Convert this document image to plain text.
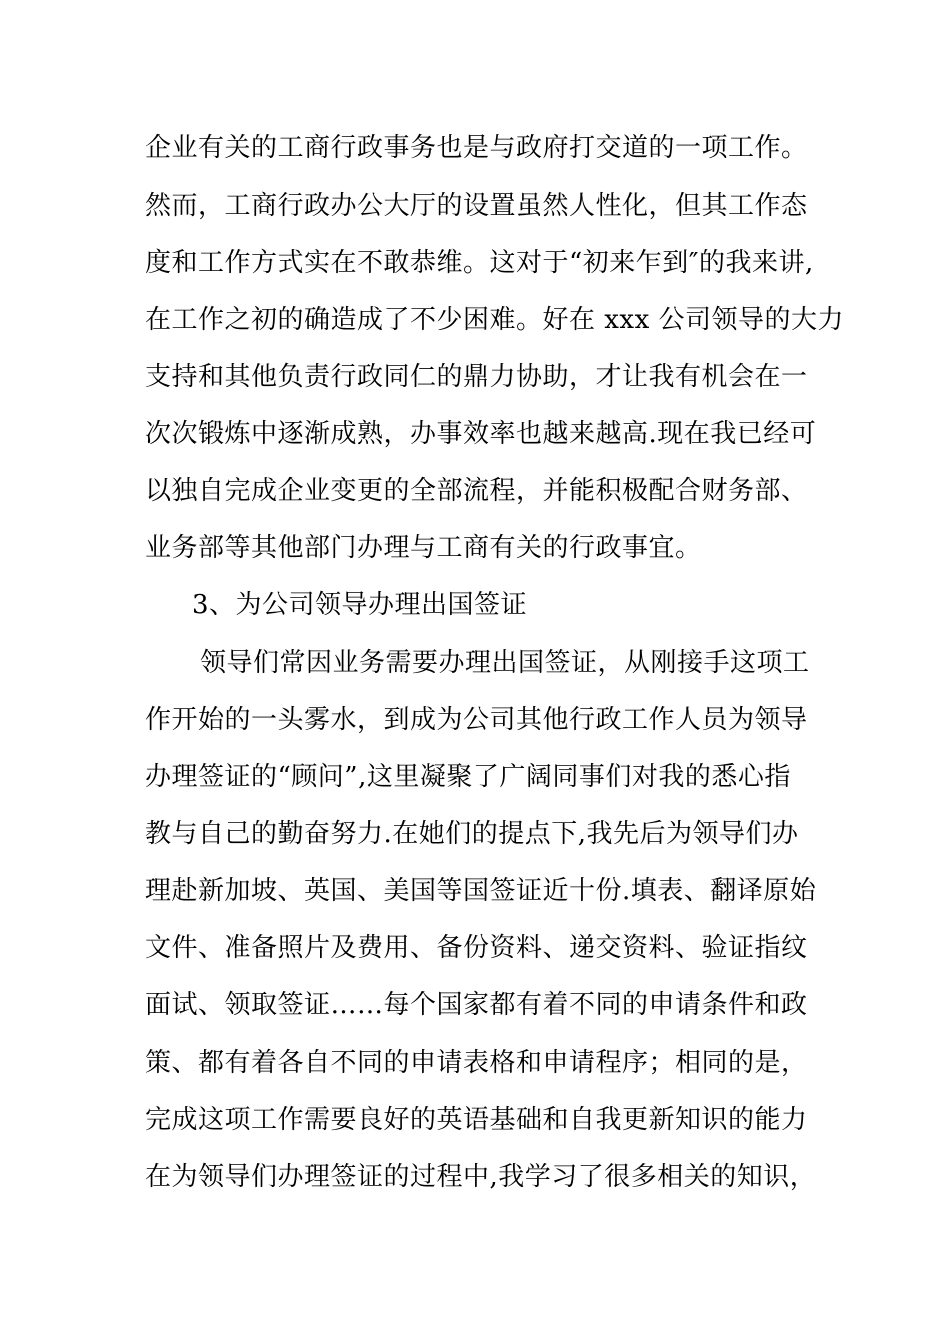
企业有关的工商行政事务也是与政府打交道的一项工作。
然而，工商行政办公大厅的设置虽然人性化，但其工作态
度和工作方式实在不敢恭维。这对于“初来乍到″的我来讲,
在工作之初的确造成了不少困难。好在 xxx 公司领导的大力
支持和其他负责行政同仁的鼎力协助，才让我有机会在一
次次锻炼中逐渐成熟，办事效率也越来越高.现在我已经可
以独自完成企业变更的全部流程，并能积极配合财务部、
业务部等其他部门办理与工商有关的行政事宜。
3、为公司领导办理出国签证
领导们常因业务需要办理出国签证，从刚接手这项工
作开始的一头雾水，到成为公司其他行政工作人员为领导
办理签证的“顾问”,这里凝聚了广阔同事们对我的悉心指
教与自己的勤奋努力.在她们的提点下,我先后为领导们办
理赴新加坡、英国、美国等国签证近十份.填表、翻译原始
文件、准备照片及费用、备份资料、递交资料、验证指纹
面试、领取签证……每个国家都有着不同的申请条件和政
策、都有着各自不同的申请表格和申请程序；相同的是，
完成这项工作需要良好的英语基础和自我更新知识的能力
在为领导们办理签证的过程中,我学习了很多相关的知识，
